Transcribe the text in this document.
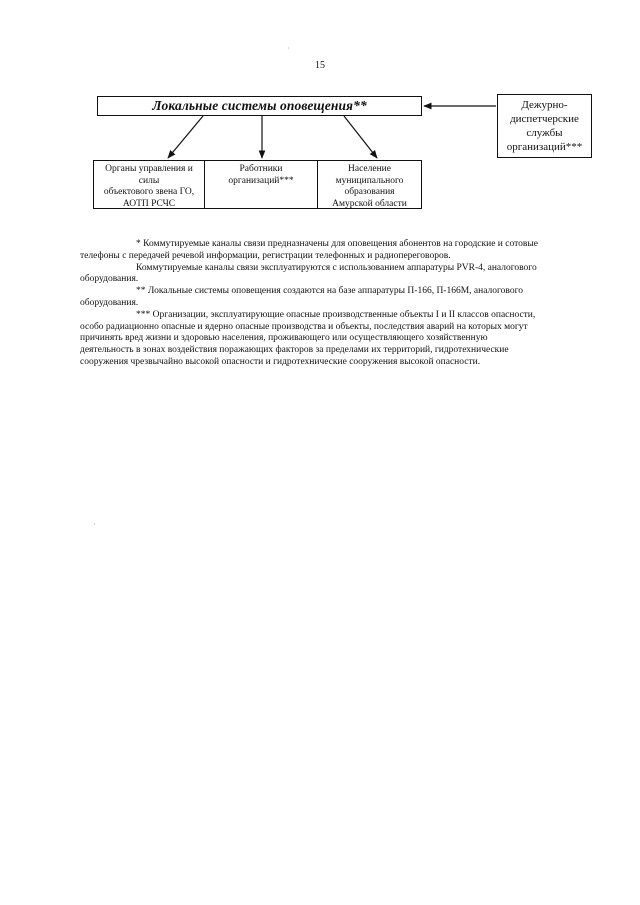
15
·
·
Локальные системы оповещения**	Дежурно-
диспетчерские
службы
организаций***
Органы управления и
силы
объектового звена ГО,
АОТП РСЧС
Работники
организаций***
Население
муниципального
образования
Амурской области

* Коммутируемые каналы связи предназначены для оповещения абонентов на городские и сотовые

телефоны с передачей речевой информации, регистрации телефонных и радиопереговоров.

Коммутируемые каналы связи эксплуатируются с использованием аппаратуры PVR-4, аналогового

оборудования.

** Локальные системы оповещения создаются на базе аппаратуры П-166, П-166М, аналогового

оборудования.

*** Организации, эксплуатирующие опасные производственные объекты I и II классов опасности,

особо радиационно опасные и ядерно опасные производства и объекты, последствия аварий на которых могут

причинять вред жизни и здоровью населения, проживающего или осуществляющего хозяйственную

деятельность в зонах воздействия поражающих факторов за пределами их территорий, гидротехнические

сооружения чрезвычайно высокой опасности и гидротехнические сооружения высокой опасности.
